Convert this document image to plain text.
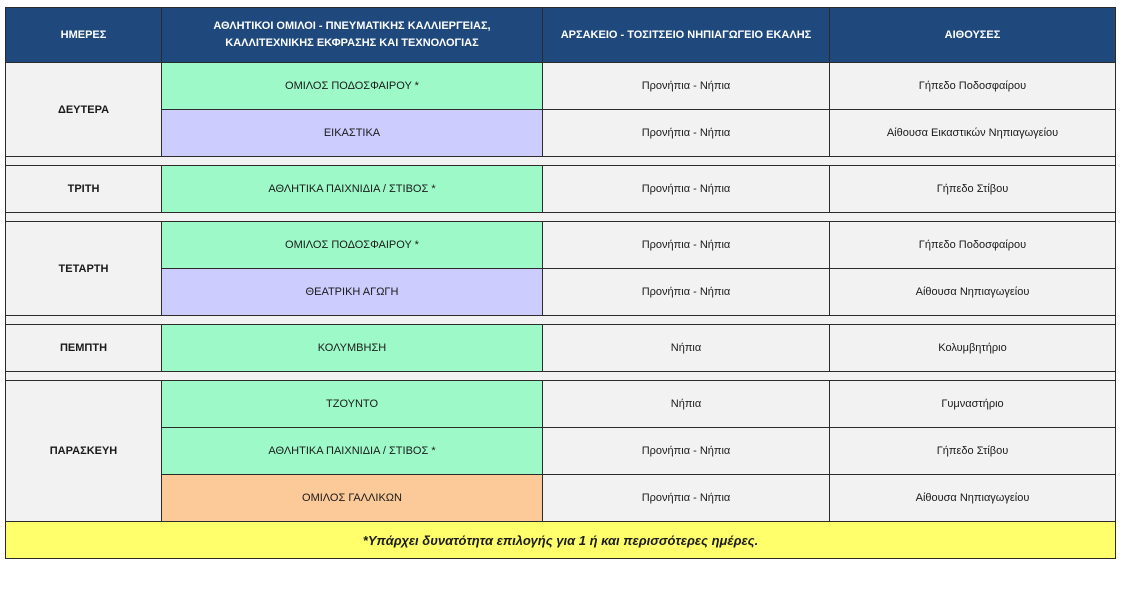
ΗΜΕΡΕΣ	ΑΘΛΗΤΙΚΟΙ ΟΜΙΛΟΙ - ΠΝΕΥΜΑΤΙΚΗΣ ΚΑΛΛΙΕΡΓΕΙΑΣ,
ΚΑΛΛΙΤΕΧΝΙΚΗΣ ΕΚΦΡΑΣΗΣ ΚΑΙ ΤΕΧΝΟΛΟΓΙΑΣ	ΑΡΣΑΚΕΙΟ - ΤΟΣΙΤΣΕΙΟ ΝΗΠΙΑΓΩΓΕΙΟ ΕΚΑΛΗΣ	ΑΙΘΟΥΣΕΣ
ΔΕΥΤΕΡΑ	ΟΜΙΛΟΣ ΠΟΔΟΣΦΑΙΡΟΥ *	Προνήπια - Νήπια	Γήπεδο Ποδοσφαίρου
	ΕΙΚΑΣΤΙΚΑ	Προνήπια - Νήπια	Αίθουσα Εικαστικών Νηπιαγωγείου

ΤΡΙΤΗ	ΑΘΛΗΤΙΚΑ ΠΑΙΧΝΙΔΙΑ / ΣΤΙΒΟΣ *	Προνήπια - Νήπια	Γήπεδο Στίβου

ΤΕΤΑΡΤΗ	ΟΜΙΛΟΣ ΠΟΔΟΣΦΑΙΡΟΥ *	Προνήπια - Νήπια	Γήπεδο Ποδοσφαίρου
	ΘΕΑΤΡΙΚΗ ΑΓΩΓΗ	Προνήπια - Νήπια	Αίθουσα Νηπιαγωγείου

ΠΕΜΠΤΗ	ΚΟΛΥΜΒΗΣΗ	Νήπια	Κολυμβητήριο

ΠΑΡΑΣΚΕΥΗ	ΤΖΟΥΝΤΟ	Νήπια	Γυμναστήριο
	ΑΘΛΗΤΙΚΑ ΠΑΙΧΝΙΔΙΑ / ΣΤΙΒΟΣ *	Προνήπια - Νήπια	Γήπεδο Στίβου
	ΟΜΙΛΟΣ ΓΑΛΛΙΚΩΝ	Προνήπια - Νήπια	Αίθουσα Νηπιαγωγείου
*Υπάρχει δυνατότητα επιλογής για 1 ή και περισσότερες ημέρες.			
